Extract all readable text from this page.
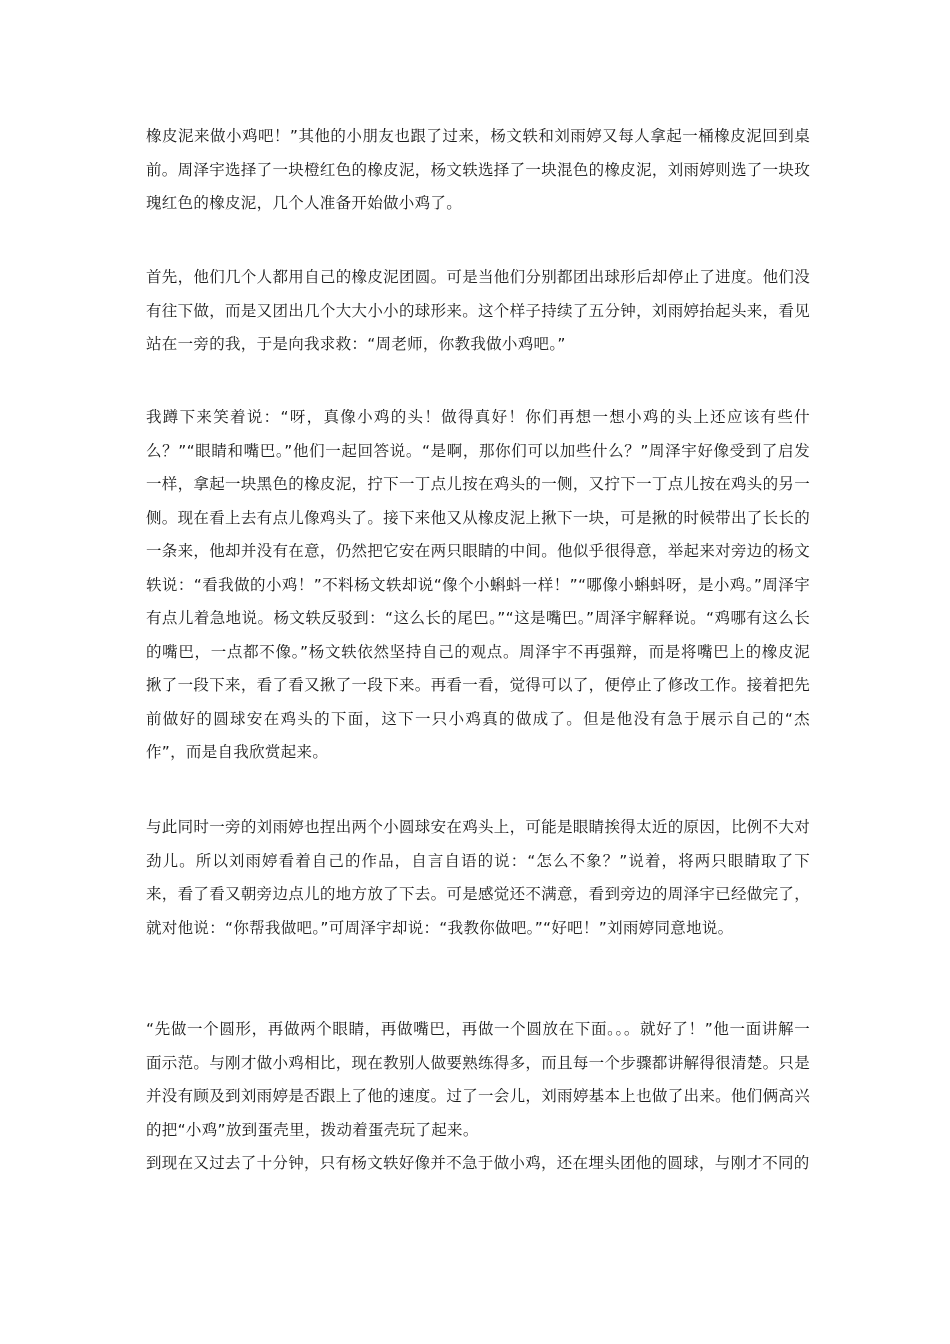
橡皮泥来做小鸡吧！”其他的小朋友也跟了过来，杨文轶和刘雨婷又每人拿起一桶橡皮泥回到桌前。周泽宇选择了一块橙红色的橡皮泥，杨文轶选择了一块混色的橡皮泥，刘雨婷则选了一块玫瑰红色的橡皮泥，几个人准备开始做小鸡了。

首先，他们几个人都用自己的橡皮泥团圆。可是当他们分别都团出球形后却停止了进度。他们没有往下做，而是又团出几个大大小小的球形来。这个样子持续了五分钟，刘雨婷抬起头来，看见站在一旁的我，于是向我求救：“周老师，你教我做小鸡吧。”

我蹲下来笑着说：“呀，真像小鸡的头！做得真好！你们再想一想小鸡的头上还应该有些什么？”“眼睛和嘴巴。”他们一起回答说。“是啊，那你们可以加些什么？”周泽宇好像受到了启发一样，拿起一块黑色的橡皮泥，拧下一丁点儿按在鸡头的一侧，又拧下一丁点儿按在鸡头的另一侧。现在看上去有点儿像鸡头了。接下来他又从橡皮泥上揪下一块，可是揪的时候带出了长长的一条来，他却并没有在意，仍然把它安在两只眼睛的中间。他似乎很得意，举起来对旁边的杨文轶说：“看我做的小鸡！”不料杨文轶却说“像个小蝌蚪一样！”“哪像小蝌蚪呀，是小鸡。”周泽宇有点儿着急地说。杨文轶反驳到：“这么长的尾巴。”“这是嘴巴。”周泽宇解释说。“鸡哪有这么长的嘴巴，一点都不像。”杨文轶依然坚持自己的观点。周泽宇不再强辩，而是将嘴巴上的橡皮泥揪了一段下来，看了看又揪了一段下来。再看一看，觉得可以了，便停止了修改工作。接着把先前做好的圆球安在鸡头的下面，这下一只小鸡真的做成了。但是他没有急于展示自己的“杰作”，而是自我欣赏起来。

与此同时一旁的刘雨婷也捏出两个小圆球安在鸡头上，可能是眼睛挨得太近的原因，比例不大对劲儿。所以刘雨婷看着自己的作品，自言自语的说：“怎么不象？”说着，将两只眼睛取了下来，看了看又朝旁边点儿的地方放了下去。可是感觉还不满意，看到旁边的周泽宇已经做完了，就对他说：“你帮我做吧。”可周泽宇却说：“我教你做吧。”“好吧！”刘雨婷同意地说。

“先做一个圆形，再做两个眼睛，再做嘴巴，再做一个圆放在下面。。。就好了！”他一面讲解一面示范。与刚才做小鸡相比，现在教别人做要熟练得多，而且每一个步骤都讲解得很清楚。只是并没有顾及到刘雨婷是否跟上了他的速度。过了一会儿，刘雨婷基本上也做了出来。他们俩高兴的把“小鸡”放到蛋壳里，拨动着蛋壳玩了起来。

到现在又过去了十分钟，只有杨文轶好像并不急于做小鸡，还在埋头团他的圆球，与刚才不同的
